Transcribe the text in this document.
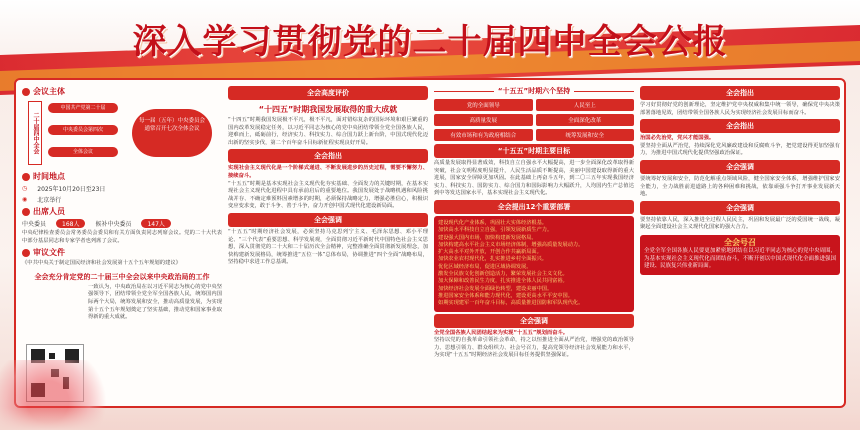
深入学习贯彻党的二十届四中全会公报
会议主体
二十届四中全会
中国共产党第二十届
中央委员会第四次
全体会议
每一届（五年）中央委员会通常召开七次全体会议
时间地点
◷ 2025年10月20日至23日
◉ 北京举行
出席人员
中央委员	168人	候补中央委员	147人
中央纪律检查委员会常务委员会委员和有关方面负责同志列席会议。党的二十大代表中部分基层同志和专家学者也列席了会议。
审议文件
《中共中央关于制定国民经济和社会发展第十五个五年规划的建议》
全会充分肯定党的二十届三中全会以来中央政治局的工作
一致认为，中央政治局在以习近平同志为核心的党中央坚强领导下，团结带领全党全军全国各族人民，统筹国内国际两个大局，统筹发展和安全，推动高质量发展，为实现第十五个五年规划奠定了坚实基础，推动党和国家事业取得新的重大成就。
全会高度评价
“十四五”时期我国发展取得的重大成就
“十四五”时期我国发展极不平凡，极不平凡，面对错综复杂的国际环境和艰巨繁重的国内改革发展稳定任务，以习近平同志为核心的党中央团结带领全党全国各族人民，迎难而上，砥砺前行，经济实力、科技实力、综合国力跃上新台阶，中国式现代化迈出新的坚实步伐，第二个百年奋斗目标新征程实现良好开局。
全会指出
实现社会主义现代化是一个阶梯式递进、不断发展进步的历史过程，需要不懈努力、接续奋斗。
“十五五”时期是基本实现社会主义现代化夯实基础、全面发力的关键时期，在基本实现社会主义现代化进程中具有承前启后的重要地位。我国发展处于战略机遇和风险挑战并存、不确定难预料因素增多的时期，必须保持战略定力，增强必胜信心，积极识变应变求变，敢于斗争、善于斗争，奋力开创中国式现代化建设新局面。
全会强调
“十五五”时期经济社会发展，必须坚持马克思列宁主义、毛泽东思想、邓小平理论、“三个代表”重要思想、科学发展观，全面贯彻习近平新时代中国特色社会主义思想，深入贯彻党的二十大和二十届历次全会精神，完整准确全面贯彻新发展理念，加快构建新发展格局，统筹推进“五位一体”总体布局，协调推进“四个全面”战略布局，坚持稳中求进工作总基调。
“十五五”时期六个坚持
党的全面领导	人民至上
高质量发展	全面深化改革
有效市场和有为政府相结合	统筹发展和安全
“十五五”时期主要目标
高质量发展取得显著成效，科技自立自强水平大幅提高，进一步全面深化改革取得新突破，社会文明程度明显提升，人民生活品质不断提高，美丽中国建设取得新的重大进展，国家安全屏障更加巩固。在此基础上再奋斗五年，到二〇三五年实现我国经济实力、科技实力、国防实力、综合国力和国际影响力大幅跃升，人均国内生产总值达到中等发达国家水平，基本实现社会主义现代化。
全会提出12个重要部署
建设现代化产业体系，巩固壮大实体经济根基。
加快高水平科技自立自强，引领发展新质生产力。
建设强大国内市场，加快构建新发展格局。
加快构建高水平社会主义市场经济体制，增强高质量发展动力。
扩大高水平对外开放，开创合作共赢新局面。
加快农业农村现代化，扎实推进乡村全面振兴。
优化区域经济布局，促进区域协调发展。
激发全民族文化创新创造活力，繁荣发展社会主义文化。
加大保障和改善民生力度，扎实推进全体人民共同富裕。
加快经济社会发展全面绿色转型，建设美丽中国。
推进国家安全体系和能力现代化，建设更高水平平安中国。
如期实现建军一百年奋斗目标，高质量推进国防和军队现代化。
全会强调
全党全国各族人民团结起来为实现“十五五”规划而奋斗。
坚持以党的自我革命引领社会革命，持之以恒推进全面从严治党，增强党的政治领导力、思想引领力、群众组织力、社会号召力，提高党领导经济社会发展能力和水平，为实现“十五五”时期经济社会发展目标任务提供坚强保证。
全会指出
学习好贯彻好党的创新理论，坚定维护党中央权威和集中统一领导，确保党中央决策部署落地见效，团结带领全国各族人民为实现经济社会发展目标而奋斗。
全会指出
治国必先治党，党兴才能国强。
要坚持全面从严治党，持续深化党风廉政建设和反腐败斗争，把党建设得更加坚强有力，为推进中国式现代化提供坚强政治保证。
全会强调
要统筹好发展和安全，防范化解重点领域风险，健全国家安全体系，增强维护国家安全能力，全力战胜前进道路上的各种困难和挑战，依靠顽强斗争打开事业发展新天地。
全会强调
要坚持依靠人民，深入推进全过程人民民主，巩固和发展最广泛的爱国统一战线，凝聚起全面建设社会主义现代化国家的强大合力。
全会号召
全党全军全国各族人民要更加紧密地团结在以习近平同志为核心的党中央周围，为基本实现社会主义现代化而团结奋斗，不断开创以中国式现代化全面推进强国建设、民族复兴伟业新局面。
